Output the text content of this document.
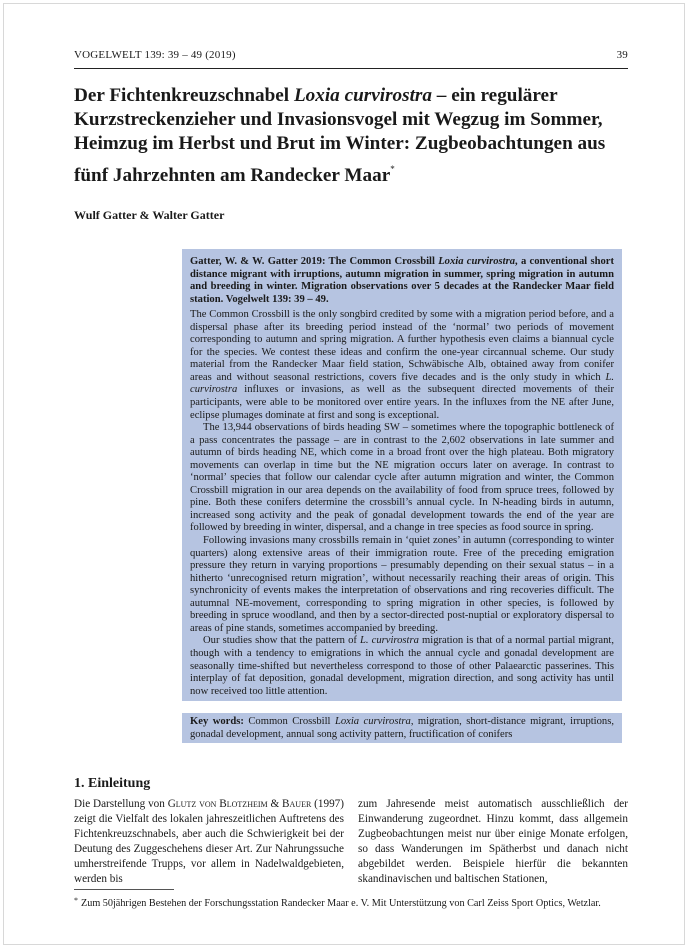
VOGELWELT 139: 39 – 49 (2019)	39
Der Fichtenkreuzschnabel Loxia curvirostra – ein regulärer Kurzstreckenzieher und Invasionsvogel mit Wegzug im Sommer, Heimzug im Herbst und Brut im Winter: Zugbeobachtungen aus fünf Jahrzehnten am Randecker Maar*
Wulf Gatter & Walter Gatter

Gatter, W. & W. Gatter 2019: The Common Crossbill Loxia curvirostra, a conventional short distance migrant with irruptions, autumn migration in summer, spring migration in autumn and breeding in winter. Migration observations over 5 decades at the Randecker Maar field station. Vogelwelt 139: 39 – 49.

The Common Crossbill is the only songbird credited by some with a migration period before, and a dispersal phase after its breeding period instead of the ‘normal’ two periods of movement corresponding to autumn and spring migration. A further hypothesis even claims a biannual cycle for the species. We contest these ideas and confirm the one-year circannual scheme. Our study material from the Randecker Maar field station, Schwäbische Alb, obtained away from conifer areas and without seasonal restrictions, covers five decades and is the only study in which L. curvirostra influxes or invasions, as well as the subsequent directed movements of their participants, were able to be monitored over entire years. In the influxes from the NE after June, eclipse plumages dominate at first and song is exceptional.

The 13,944 observations of birds heading SW – sometimes where the topographic bottleneck of a pass concentrates the passage – are in contrast to the 2,602 observations in late summer and autumn of birds heading NE, which come in a broad front over the high plateau. Both migratory movements can overlap in time but the NE migration occurs later on average. In contrast to ‘normal’ species that follow our calendar cycle after autumn migration and winter, the Common Crossbill migration in our area depends on the availability of food from spruce trees, followed by pine. Both these conifers determine the crossbill’s annual cycle. In N-heading birds in autumn, increased song activity and the peak of gonadal development towards the end of the year are followed by breeding in winter, dispersal, and a change in tree species as food source in spring.

Following invasions many crossbills remain in ‘quiet zones’ in autumn (corresponding to winter quarters) along extensive areas of their immigration route. Free of the preceding emigration pressure they return in varying proportions – presumably depending on their sexual status – in a hitherto ‘unrecognised return migration’, without necessarily reaching their areas of origin. This synchronicity of events makes the interpretation of observations and ring recoveries difficult. The autumnal NE-movement, corresponding to spring migration in other species, is followed by breeding in spruce woodland, and then by a sector-directed post-nuptial or exploratory dispersal to areas of pine stands, sometimes accompanied by breeding.

Our studies show that the pattern of L. curvirostra migration is that of a normal partial migrant, though with a tendency to emigrations in which the annual cycle and gonadal development are seasonally time-shifted but nevertheless correspond to those of other Palaearctic passerines. This interplay of fat deposition, gonadal development, migration direction, and song activity has until now received too little attention.

Key words: Common Crossbill Loxia curvirostra, migration, short-distance migrant, irruptions, gonadal development, annual song activity pattern, fructification of conifers
1. Einleitung
Die Darstellung von Glutz von Blotzheim & Bauer (1997) zeigt die Vielfalt des lokalen jahreszeitlichen Auftretens des Fichtenkreuzschnabels, aber auch die Schwierigkeit bei der Deutung des Zuggeschehens dieser Art. Zur Nahrungssuche umherstreifende Trupps, vor allem in Nadelwaldgebieten, werden bis
zum Jahresende meist automatisch ausschließlich der Einwanderung zugeordnet. Hinzu kommt, dass allgemein Zugbeobachtungen meist nur über einige Monate erfolgen, so dass Wanderungen im Spätherbst und danach nicht abgebildet werden. Beispiele hierfür die bekannten skandinavischen und baltischen Stationen,
* Zum 50jährigen Bestehen der Forschungsstation Randecker Maar e. V. Mit Unterstützung von Carl Zeiss Sport Optics, Wetzlar.
